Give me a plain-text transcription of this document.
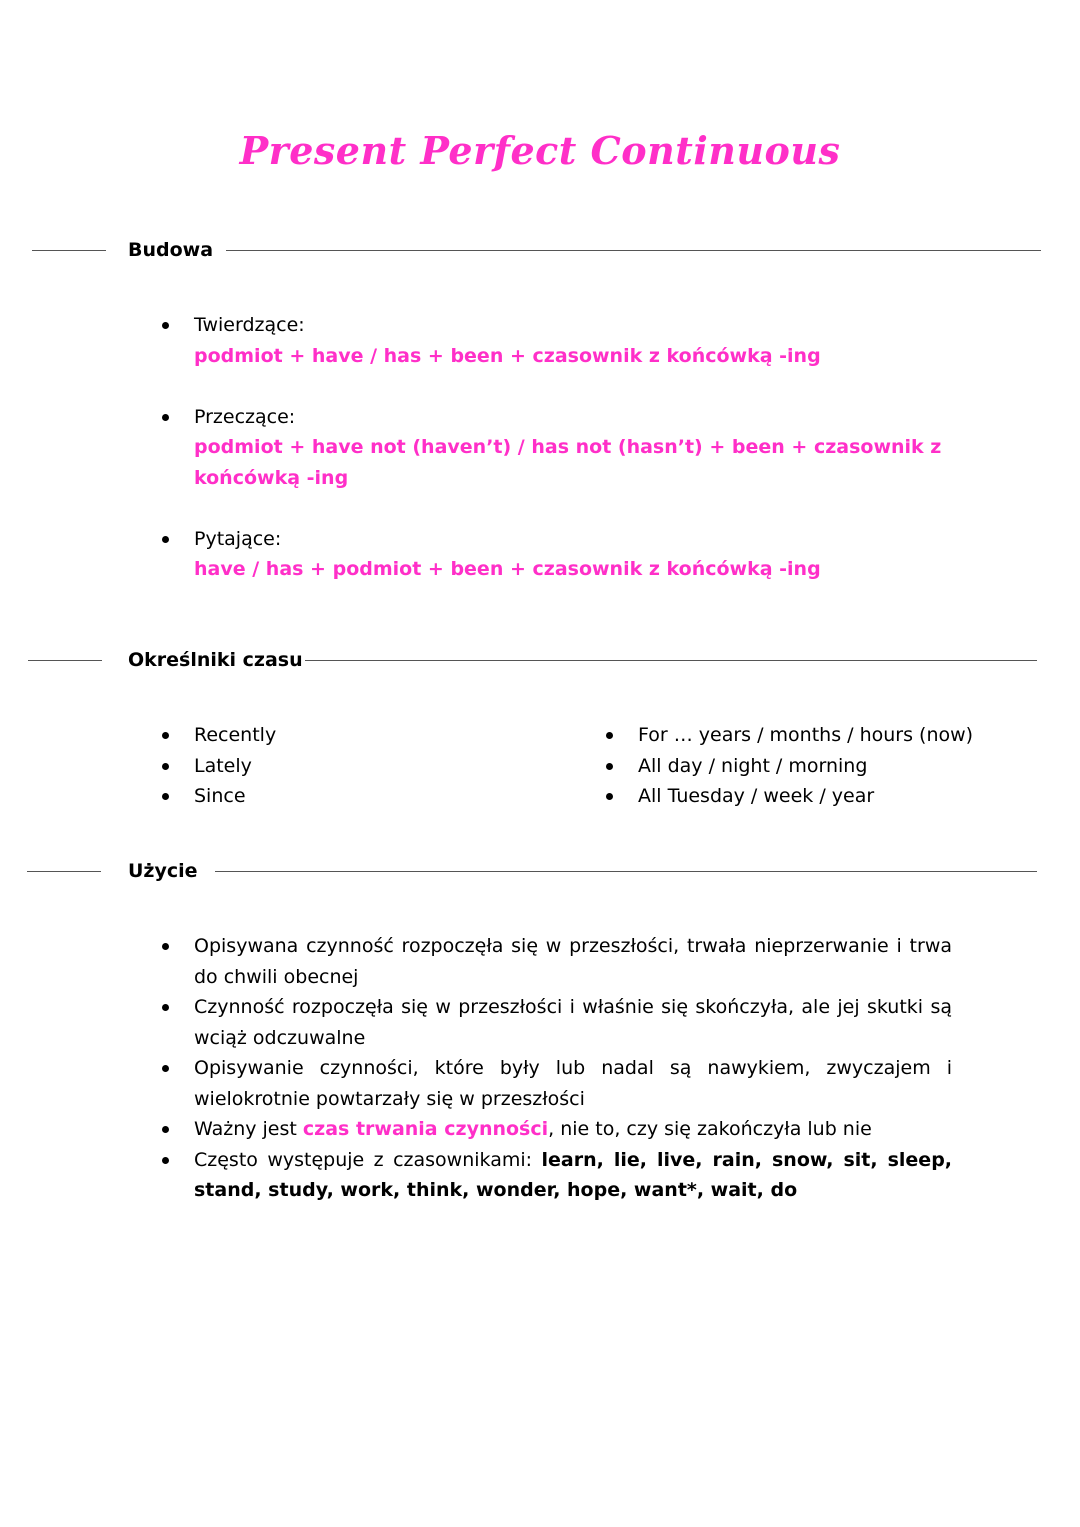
Present Perfect Continuous
Budowa
Twierdzące:
podmiot + have / has + been + czasownik z końcówką -ing
Przeczące:
podmiot + have not (haven’t) / has not (hasn’t) + been + czasownik z końcówką -ing
Pytające:
have / has + podmiot + been + czasownik z końcówką -ing
Określniki czasu
Recently
Lately
Since
For … years / months / hours (now)
All day / night / morning
All Tuesday / week / year
Użycie
Opisywana czynność rozpoczęła się w przeszłości, trwała nieprzerwanie i trwa do chwili obecnej
Czynność rozpoczęła się w przeszłości i właśnie się skończyła, ale jej skutki są wciąż odczuwalne
Opisywanie czynności, które były lub nadal są nawykiem, zwyczajem i wielokrotnie powtarzały się w przeszłości
Ważny jest czas trwania czynności, nie to, czy się zakończyła lub nie
Często występuje z czasownikami: learn, lie, live, rain, snow, sit, sleep, stand, study, work, think, wonder, hope, want*, wait, do
